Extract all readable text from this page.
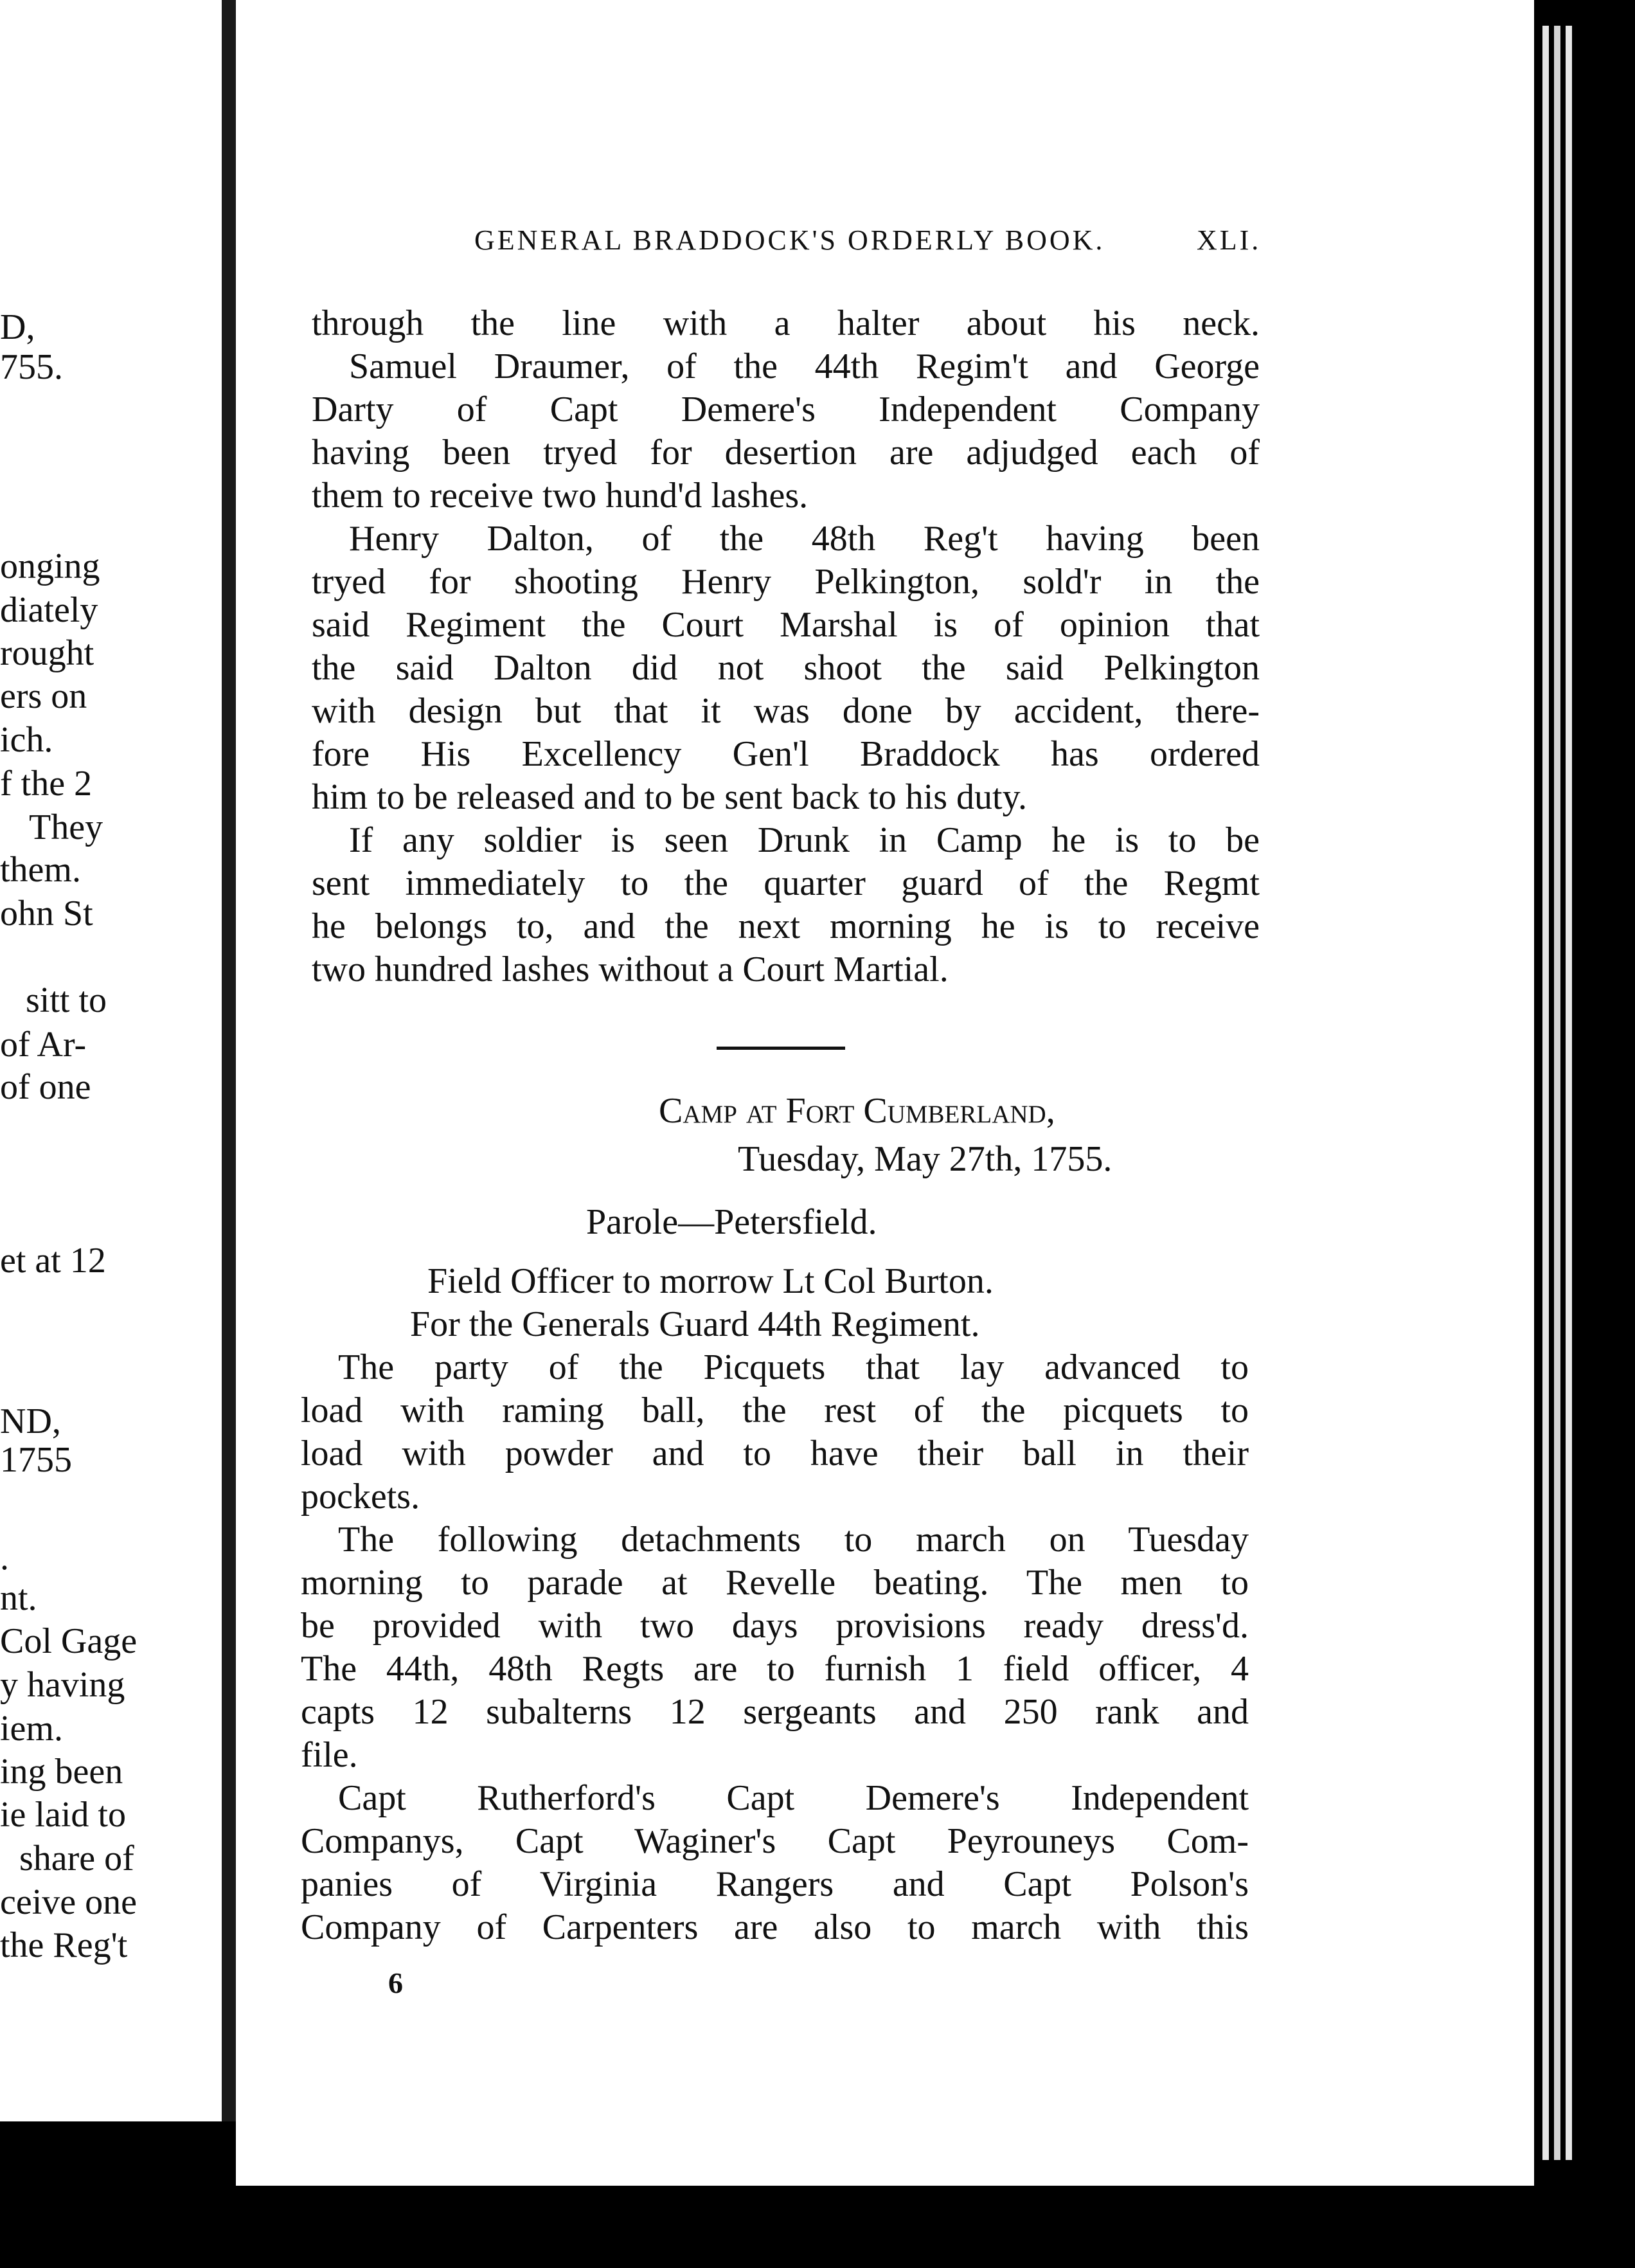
D,
755.
onging
diately
rought
ers on
ich.
f the 2
They
them.
ohn St
sitt to
of Ar-
of one
et at 12
ND,
1755
.
nt.
Col Gage
y having
iem.
ing been
ie laid to
share of
ceive one
the Reg't
GENERAL BRADDOCK'S ORDERLY BOOK.	XLI.
through the line with a halter about his neck.
Samuel Draumer, of the 44th Regim't and George
Darty of Capt Demere's Independent Company
having been tryed for desertion are adjudged each of
them to receive two hund'd lashes.
Henry Dalton, of the 48th Reg't having been
tryed for shooting Henry Pelkington, sold'r in the
said Regiment the Court Marshal is of opinion that
the said Dalton did not shoot the said Pelkington
with design but that it was done by accident, there-
fore His Excellency Gen'l Braddock has ordered
him to be released and to be sent back to his duty.
If any soldier is seen Drunk in Camp he is to be
sent immediately to the quarter guard of the Regmt
he belongs to, and the next morning he is to receive
two hundred lashes without a Court Martial.
Camp at Fort Cumberland,
Tuesday, May 27th, 1755.
Parole—Petersfield.
Field Officer to morrow Lt Col Burton.
For the Generals Guard 44th Regiment.
The party of the Picquets that lay advanced to
load with raming ball, the rest of the picquets to
load with powder and to have their ball in their
pockets.
The following detachments to march on Tuesday
morning to parade at Revelle beating. The men to
be provided with two days provisions ready dress'd.
The 44th, 48th Regts are to furnish 1 field officer, 4
capts 12 subalterns 12 sergeants and 250 rank and
file.
Capt Rutherford's Capt Demere's Independent
Companys, Capt Waginer's Capt Peyrouneys Com-
panies of Virginia Rangers and Capt Polson's
Company of Carpenters are also to march with this
6
